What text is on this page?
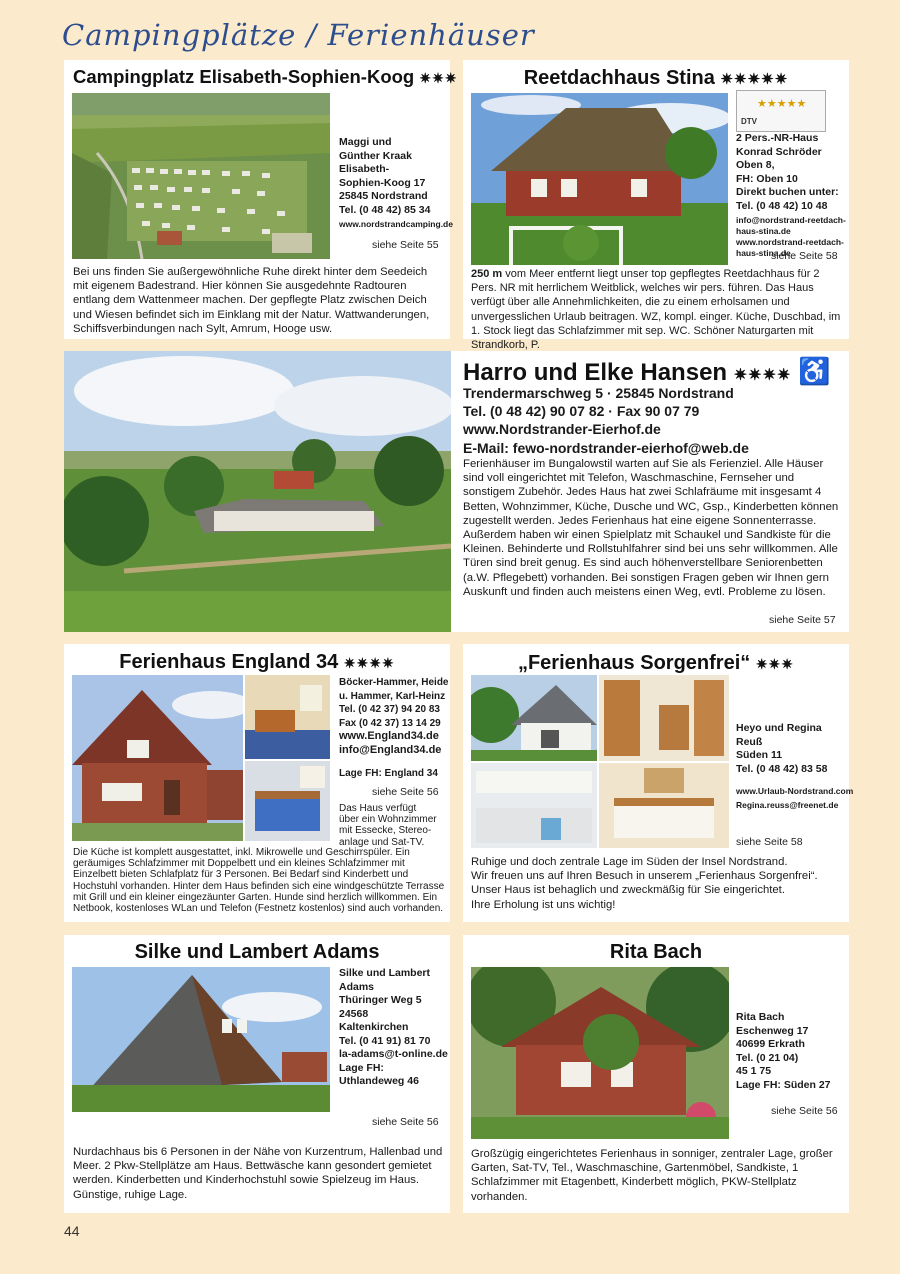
Campingplätze / Ferienhäuser
Campingplatz Elisabeth-Sophien-Koog ✷✷✷
Maggi und
Günther Kraak
Elisabeth-
Sophien-Koog 17
25845 Nordstrand
Tel. (0 48 42) 85 34
www.nordstrandcamping.de
siehe Seite 55
Bei uns finden Sie außergewöhnliche Ruhe direkt hinter dem Seedeich mit eigenem Badestrand. Hier können Sie ausgedehnte Radtouren entlang dem Wattenmeer machen. Der gepflegte Platz zwischen Deich und Wiesen befindet sich im Einklang mit der Natur. Wattwanderungen, Schiffsverbindungen nach Sylt, Amrum, Hooge usw.
Reetdachhaus Stina ✷✷✷✷✷
★★★★★
DTV
2 Pers.-NR-Haus
Konrad Schröder
Oben 8,
FH: Oben 10
Direkt buchen unter:
Tel. (0 48 42) 10 48
info@nordstrand-reetdach-
haus-stina.de
www.nordstrand-reetdach-
haus-stina.de
siehe Seite 58
250 m vom Meer entfernt liegt unser top gepflegtes Reetdachhaus für 2 Pers. NR mit herrlichem Weitblick, welches wir pers. führen. Das Haus verfügt über alle Annehmlichkeiten, die zu einem erholsamen und unvergesslichen Urlaub beitragen. WZ, kompl. einger. Küche, Duschbad, im 1. Stock liegt das Schlafzimmer mit sep. WC. Schöner Naturgarten mit Strandkorb, P.
Harro und Elke Hansen ✷✷✷✷ ♿
Trendermarschweg 5 · 25845 Nordstrand
Tel. (0 48 42) 90 07 82 · Fax 90 07 79
www.Nordstrander-Eierhof.de
E-Mail: fewo-nordstrander-eierhof@web.de
Ferienhäuser im Bungalowstil warten auf Sie als Ferienziel. Alle Häuser sind voll eingerichtet mit Telefon, Waschmaschine, Fernseher und sonstigem Zubehör. Jedes Haus hat zwei Schlafräume mit insgesamt 4 Betten, Wohnzimmer, Küche, Dusche und WC, Gsp., Kinderbetten können zugestellt werden. Jedes Ferienhaus hat eine eigene Sonnenterrasse. Außerdem haben wir einen Spielplatz mit Schaukel und Sandkiste für die Kleinen. Behinderte und Rollstuhlfahrer sind bei uns sehr willkommen. Alle Türen sind breit genug. Es sind auch höhenverstellbare Seniorenbetten (a.W. Pflegebett) vorhanden. Bei sonstigen Fragen geben wir Ihnen gern Auskunft und finden auch meistens einen Weg, evtl. Probleme zu lösen.
siehe Seite 57
Ferienhaus England 34 ✷✷✷✷
Böcker-Hammer, Heide
u. Hammer, Karl-Heinz
Tel. (0 42 37) 94 20 83
Fax (0 42 37) 13 14 29
www.England34.de
info@England34.de
Lage FH: England 34
siehe Seite 56
Das Haus verfügt
über ein Wohnzimmer
mit Essecke, Stereo-
anlage und Sat-TV.
Die Küche ist komplett ausgestattet, inkl. Mikrowelle und Geschirrspüler. Ein geräumiges Schlafzimmer mit Doppelbett und ein kleines Schlafzimmer mit Einzelbett bieten Schlafplatz für 3 Personen. Bei Bedarf sind Kinderbett und Hochstuhl vorhanden. Hinter dem Haus befinden sich eine windgeschützte Terrasse mit Grill und ein kleiner eingezäunter Garten. Hunde sind herzlich willkommen. Ein Netbook, kostenloses WLan und Telefon (Festnetz kostenlos) sind auch vorhanden.
„Ferienhaus Sorgenfrei“ ✷✷✷
Heyo und Regina
Reuß
Süden 11
Tel. (0 48 42) 83 58
www.Urlaub-Nordstrand.com
Regina.reuss@freenet.de
siehe Seite 58
Ruhige und doch zentrale Lage im Süden der Insel Nordstrand.
Wir freuen uns auf Ihren Besuch in unserem „Ferienhaus Sorgenfrei“.
Unser Haus ist behaglich und zweckmäßig für Sie eingerichtet.
Ihre Erholung ist uns wichtig!
Silke und Lambert Adams
Silke und Lambert
Adams
Thüringer Weg 5
24568
Kaltenkirchen
Tel. (0 41 91) 81 70
la-adams@t-online.de
Lage FH:
Uthlandeweg 46
siehe Seite 56
Nurdachhaus bis 6 Personen in der Nähe von Kurzentrum, Hallenbad und Meer. 2 Pkw-Stellplätze am Haus. Bettwäsche kann gesondert gemietet werden. Kinderbetten und Kinderhochstuhl sowie Spielzeug im Haus. Günstige, ruhige Lage.
Rita Bach
Rita Bach
Eschenweg 17
40699 Erkrath
Tel. (0 21 04)
45 1 75
Lage FH: Süden 27
siehe Seite 56
Großzügig eingerichtetes Ferienhaus in sonniger, zentraler Lage, großer Garten, Sat-TV, Tel., Waschmaschine, Gartenmöbel, Sandkiste, 1 Schlafzimmer mit Etagenbett, Kinderbett möglich, PKW-Stellplatz vorhanden.
44
